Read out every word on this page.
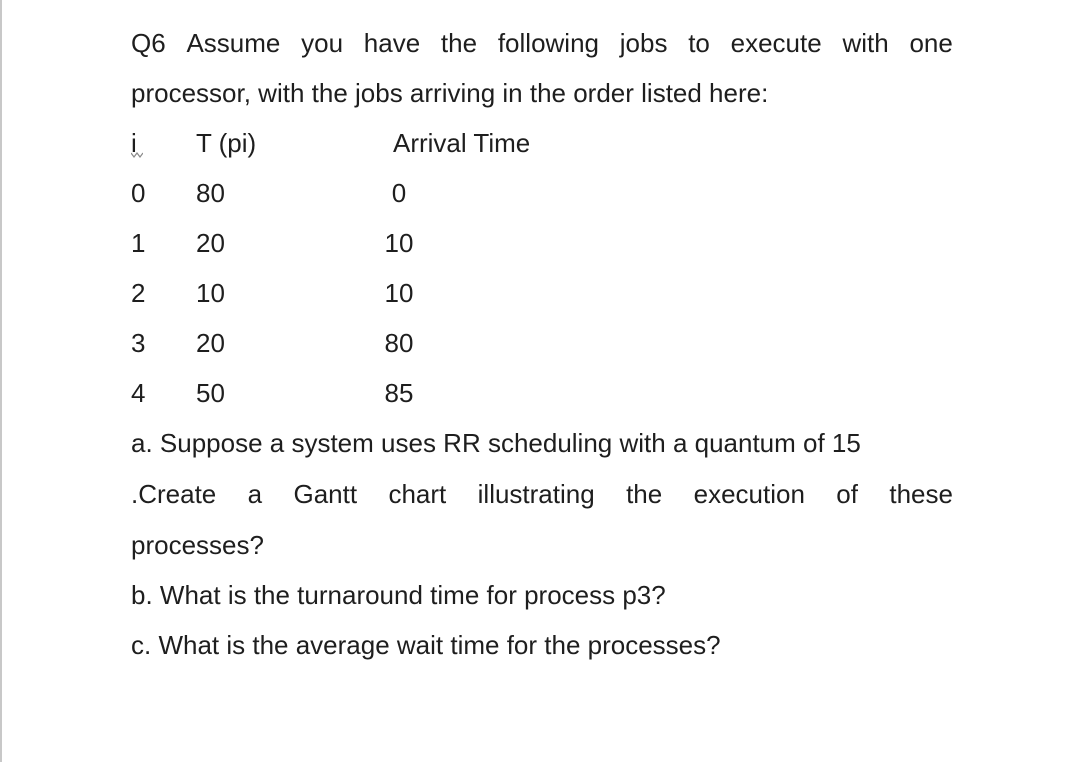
Q6 Assume you have the following jobs to execute with one
processor, with the jobs arriving in the order listed here:
i T (pi)	Arrival Time
0 80	0
1 20	10
2 10	10
3 20	80
4 50	85
a. Suppose a system uses RR scheduling with a quantum of 15
.Create a Gantt chart illustrating the execution of these
processes?
b. What is the turnaround time for process p3?
c. What is the average wait time for the processes?
